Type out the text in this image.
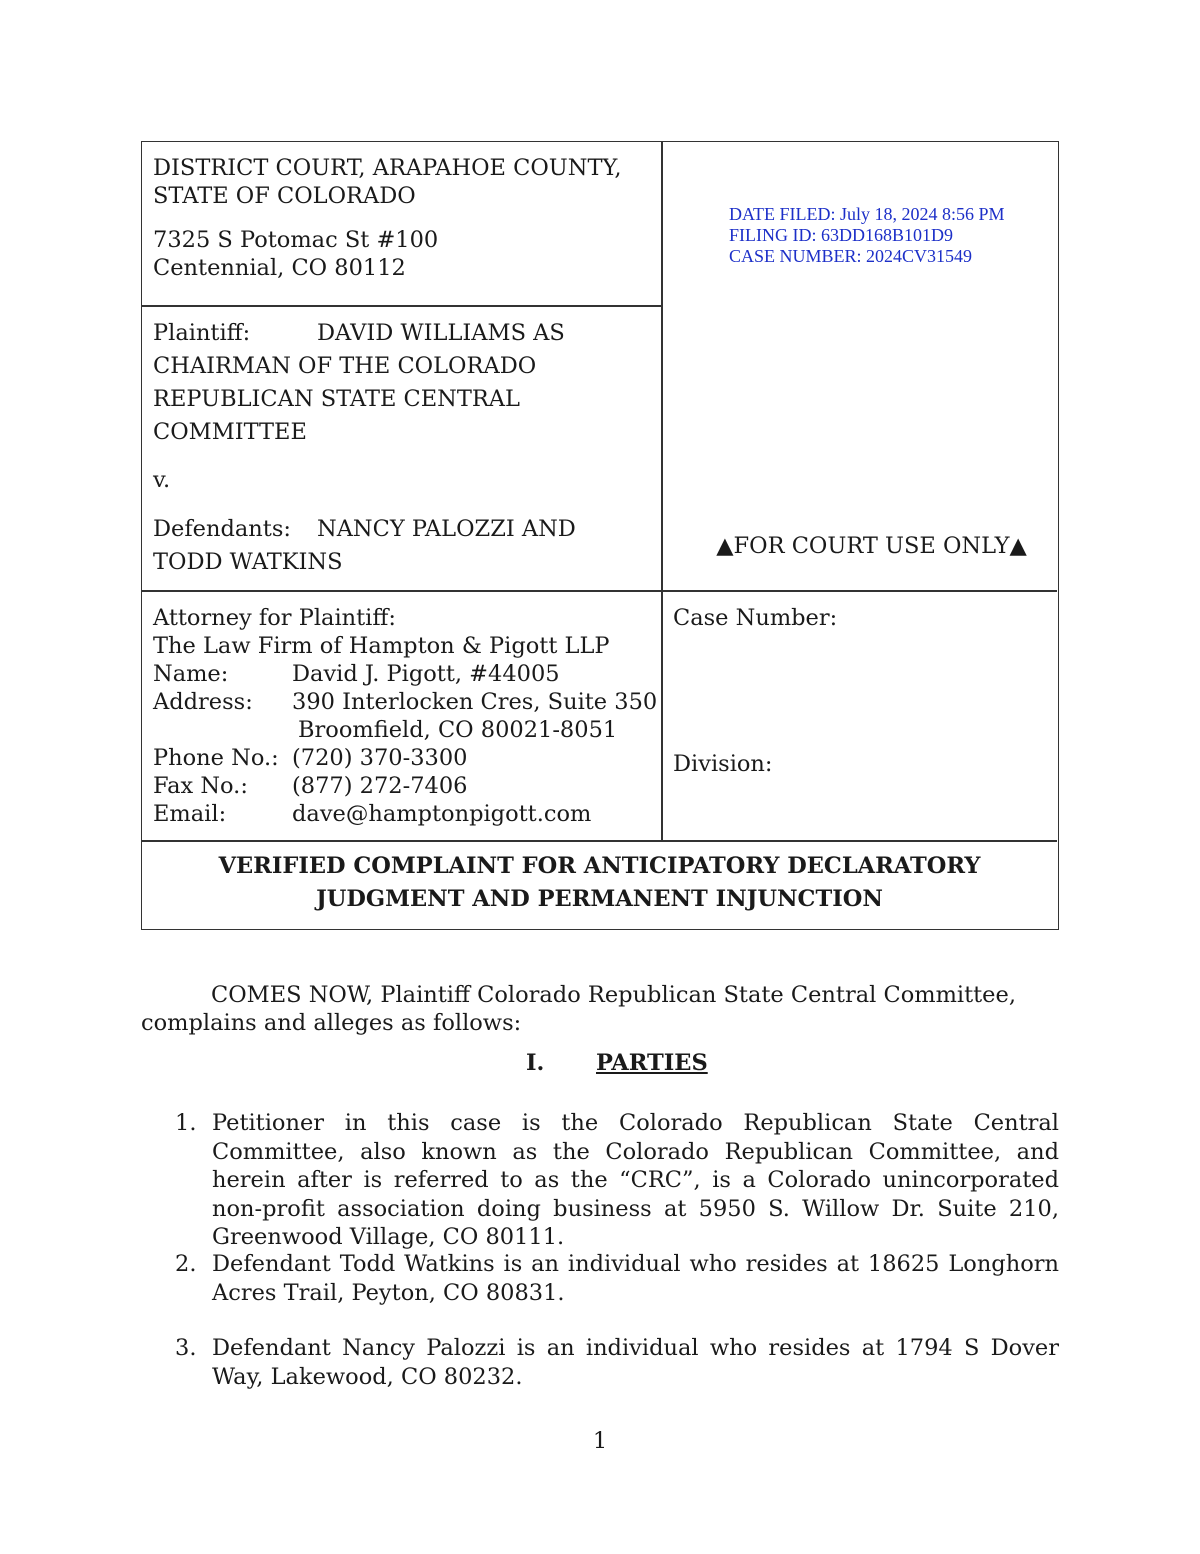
DISTRICT COURT, ARAPAHOE COUNTY,
STATE OF COLORADO
7325 S Potomac St #100
Centennial, CO 80112
DATE FILED: July 18, 2024 8:56 PM
FILING ID: 63DD168B101D9
CASE NUMBER: 2024CV31549
Plaintiff:	DAVID WILLIAMS AS
CHAIRMAN OF THE COLORADO
REPUBLICAN STATE CENTRAL
COMMITTEE
v.
Defendants: NANCY PALOZZI AND
TODD WATKINS
▲FOR COURT USE ONLY▲
Attorney for Plaintiff:
The Law Firm of Hampton & Pigott LLP
Name:	David J. Pigott, #44005
Address: 390 Interlocken Cres, Suite 350
Broomfield, CO 80021-8051
Phone No.: (720) 370-3300
Fax No.: (877) 272-7406
Email:	dave@hamptonpigott.com
Case Number:
Division:
VERIFIED COMPLAINT FOR ANTICIPATORY DECLARATORY
JUDGMENT AND PERMANENT INJUNCTION
COMES NOW, Plaintiff Colorado Republican State Central Committee,
complains and alleges as follows:
I. PARTIES
1. Petitioner in this case is the Colorado Republican State Central Committee, also known as the Colorado Republican Committee, and herein after is referred to as the “CRC”, is a Colorado unincorporated non-profit association doing business at 5950 S. Willow Dr. Suite 210, Greenwood Village, CO 80111.
2. Defendant Todd Watkins is an individual who resides at 18625 Longhorn Acres Trail, Peyton, CO 80831.
3. Defendant Nancy Palozzi is an individual who resides at 1794 S Dover Way, Lakewood, CO 80232.
1
